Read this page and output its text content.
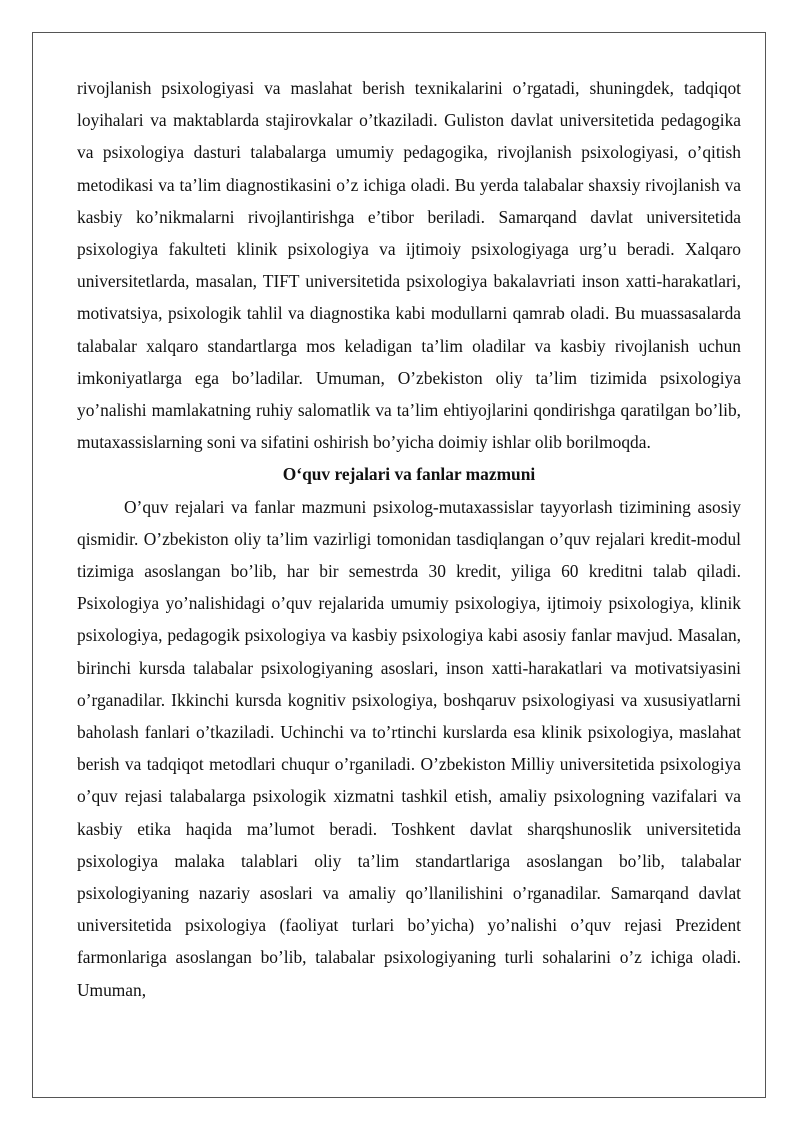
rivojlanish psixologiyasi va maslahat berish texnikalarini o’rgatadi, shuningdek, tadqiqot loyihalari va maktablarda stajirovkalar o’tkaziladi. Guliston davlat universitetida pedagogika va psixologiya dasturi talabalarga umumiy pedagogika, rivojlanish psixologiyasi, o’qitish metodikasi va ta’lim diagnostikasini o’z ichiga oladi. Bu yerda talabalar shaxsiy rivojlanish va kasbiy ko’nikmalarni rivojlantirishga e’tibor beriladi. Samarqand davlat universitetida psixologiya fakulteti klinik psixologiya va ijtimoiy psixologiyaga urg’u beradi. Xalqaro universitetlarda, masalan, TIFT universitetida psixologiya bakalavriati inson xatti-harakatlari, motivatsiya, psixologik tahlil va diagnostika kabi modullarni qamrab oladi. Bu muassasalarda talabalar xalqaro standartlarga mos keladigan ta’lim oladilar va kasbiy rivojlanish uchun imkoniyatlarga ega bo’ladilar. Umuman, O’zbekiston oliy ta’lim tizimida psixologiya yo’nalishi mamlakatning ruhiy salomatlik va ta’lim ehtiyojlarini qondirishga qaratilgan bo’lib, mutaxassislarning soni va sifatini oshirish bo’yicha doimiy ishlar olib borilmoqda.

O‘quv rejalari va fanlar mazmuni

O’quv rejalari va fanlar mazmuni psixolog-mutaxassislar tayyorlash tizimining asosiy qismidir. O’zbekiston oliy ta’lim vazirligi tomonidan tasdiqlangan o’quv rejalari kredit-modul tizimiga asoslangan bo’lib, har bir semestrda 30 kredit, yiliga 60 kreditni talab qiladi. Psixologiya yo’nalishidagi o’quv rejalarida umumiy psixologiya, ijtimoiy psixologiya, klinik psixologiya, pedagogik psixologiya va kasbiy psixologiya kabi asosiy fanlar mavjud. Masalan, birinchi kursda talabalar psixologiyaning asoslari, inson xatti-harakatlari va motivatsiyasini o’rganadilar. Ikkinchi kursda kognitiv psixologiya, boshqaruv psixologiyasi va xususiyatlarni baholash fanlari o’tkaziladi. Uchinchi va to’rtinchi kurslarda esa klinik psixologiya, maslahat berish va tadqiqot metodlari chuqur o’rganiladi. O’zbekiston Milliy universitetida psixologiya o’quv rejasi talabalarga psixologik xizmatni tashkil etish, amaliy psixologning vazifalari va kasbiy etika haqida ma’lumot beradi. Toshkent davlat sharqshunoslik universitetida psixologiya malaka talablari oliy ta’lim standartlariga asoslangan bo’lib, talabalar psixologiyaning nazariy asoslari va amaliy qo’llanilishini o’rganadilar. Samarqand davlat universitetida psixologiya (faoliyat turlari bo’yicha) yo’nalishi o’quv rejasi Prezident farmonlariga asoslangan bo’lib, talabalar psixologiyaning turli sohalarini o’z ichiga oladi. Umuman,
